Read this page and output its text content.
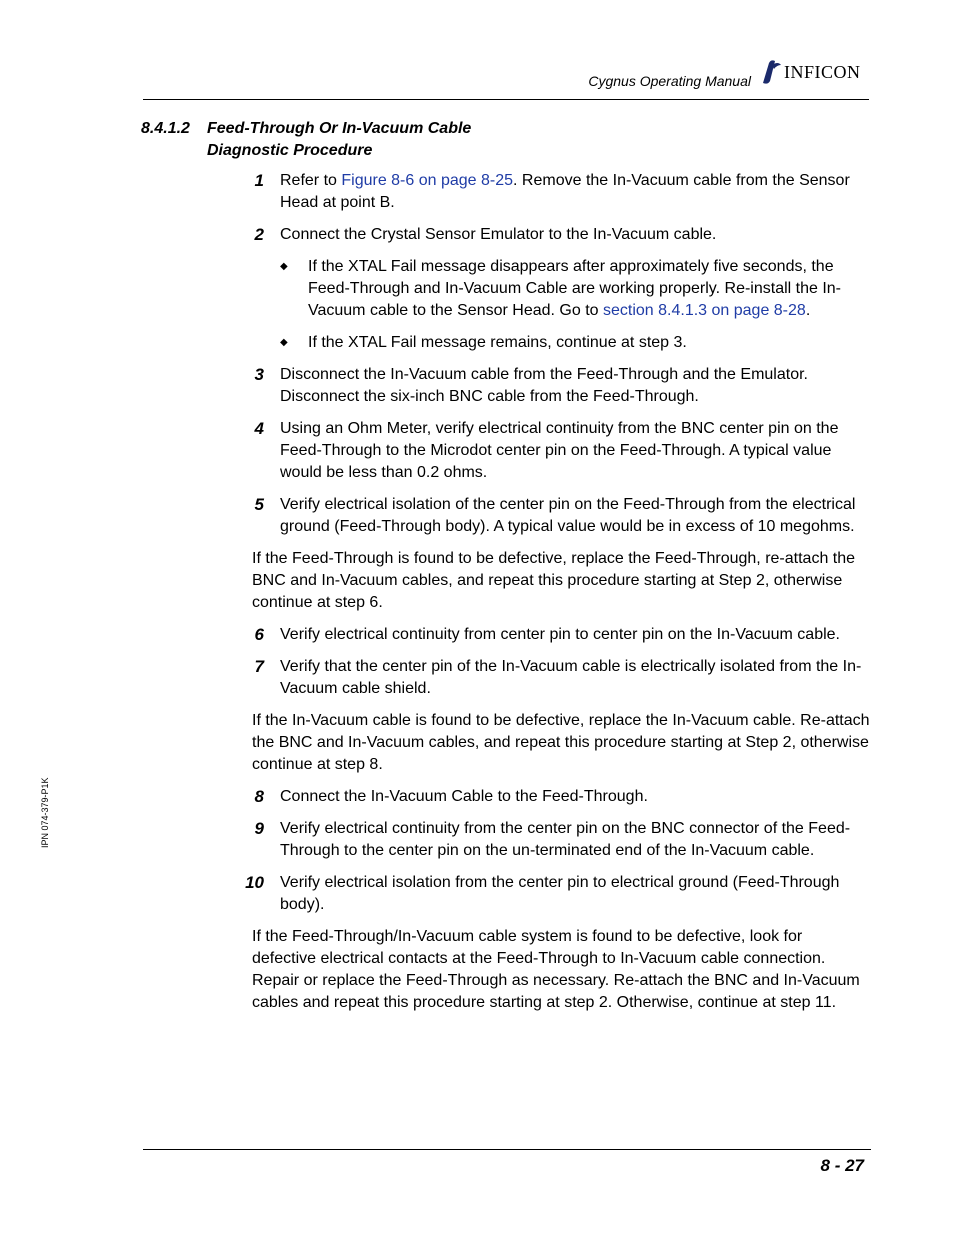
Cygnus Operating Manual INFICON
8.4.1.2 Feed-Through Or In-Vacuum Cable
Diagnostic Procedure
1 Refer to Figure 8-6 on page 8-25. Remove the In-Vacuum cable from the Sensor Head at point B.
2 Connect the Crystal Sensor Emulator to the In-Vacuum cable.
◆ If the XTAL Fail message disappears after approximately five seconds, the Feed-Through and In-Vacuum Cable are working properly. Re-install the In-Vacuum cable to the Sensor Head. Go to section 8.4.1.3 on page 8-28.
◆ If the XTAL Fail message remains, continue at step 3.
3 Disconnect the In-Vacuum cable from the Feed-Through and the Emulator. Disconnect the six-inch BNC cable from the Feed-Through.
4 Using an Ohm Meter, verify electrical continuity from the BNC center pin on the Feed-Through to the Microdot center pin on the Feed-Through. A typical value would be less than 0.2 ohms.
5 Verify electrical isolation of the center pin on the Feed-Through from the electrical ground (Feed-Through body). A typical value would be in excess of 10 megohms.
If the Feed-Through is found to be defective, replace the Feed-Through, re-attach the BNC and In-Vacuum cables, and repeat this procedure starting at Step 2, otherwise continue at step 6.
6 Verify electrical continuity from center pin to center pin on the In-Vacuum cable.
7 Verify that the center pin of the In-Vacuum cable is electrically isolated from the In-Vacuum cable shield.
If the In-Vacuum cable is found to be defective, replace the In-Vacuum cable. Re-attach the BNC and In-Vacuum cables, and repeat this procedure starting at Step 2, otherwise continue at step 8.
8 Connect the In-Vacuum Cable to the Feed-Through.
9 Verify electrical continuity from the center pin on the BNC connector of the Feed-Through to the center pin on the un-terminated end of the In-Vacuum cable.
10 Verify electrical isolation from the center pin to electrical ground (Feed-Through body).
If the Feed-Through/In-Vacuum cable system is found to be defective, look for defective electrical contacts at the Feed-Through to In-Vacuum cable connection. Repair or replace the Feed-Through as necessary. Re-attach the BNC and In-Vacuum cables and repeat this procedure starting at step 2. Otherwise, continue at step 11.
IPN 074-379-P1K
8 - 27
